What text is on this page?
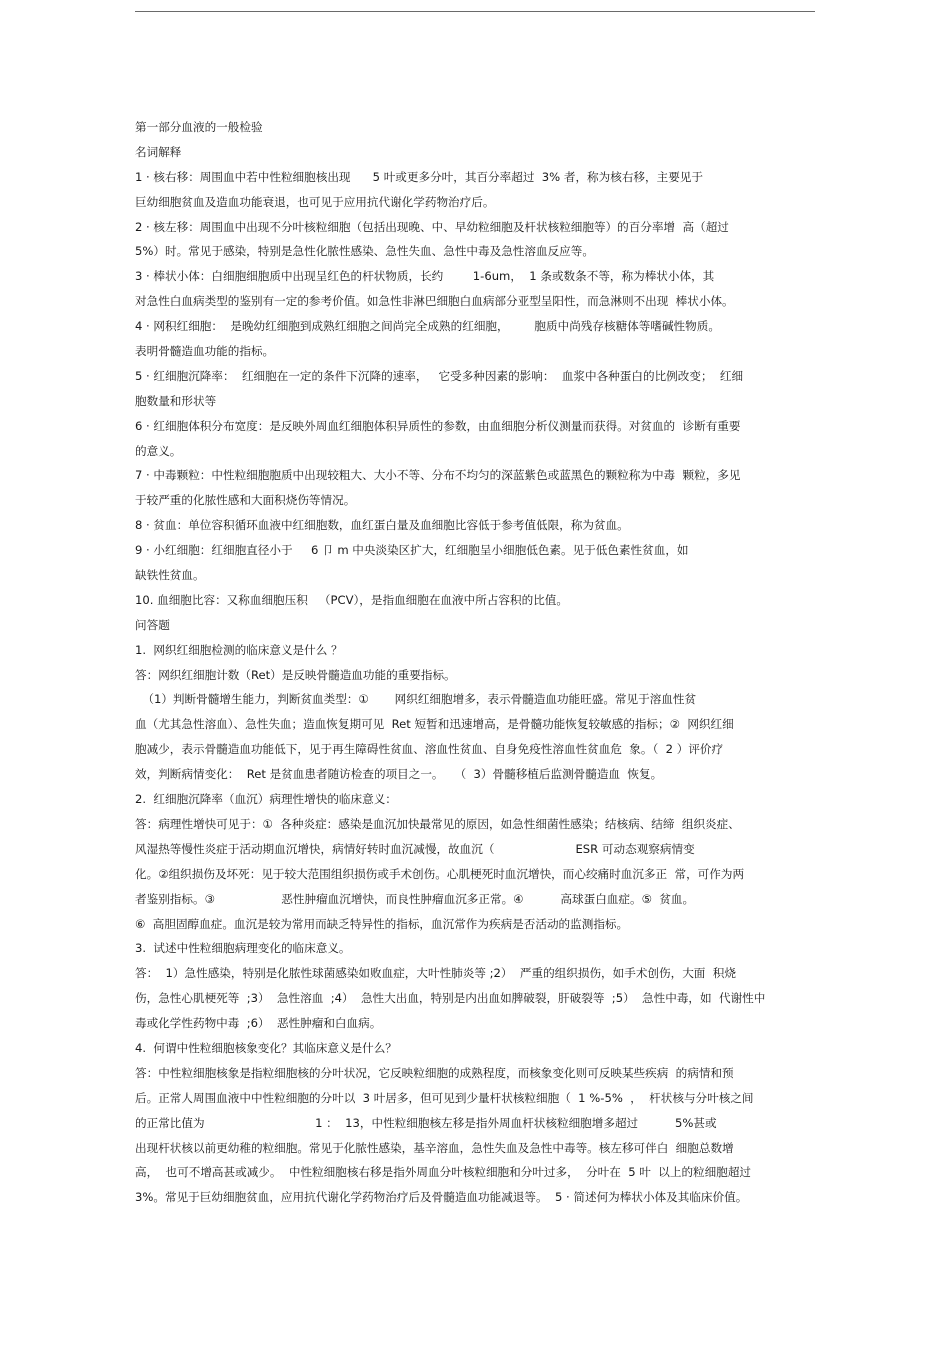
第一部分血液的一般检验
名词解释
1 · 核右移：周围血中若中性粒细胞核出现      5 叶或更多分叶，其百分率超过  3% 者，称为核右移，主要见于
巨幼细胞贫血及造血功能衰退，也可见于应用抗代谢化学药物治疗后。
2 · 核左移：周围血中出现不分叶核粒细胞（包括出现晚、中、早幼粒细胞及杆状核粒细胞等）的百分率增  高（超过
5%）时。常见于感染，特别是急性化脓性感染、急性失血、急性中毒及急性溶血反应等。
3 · 棒状小体：白细胞细胞质中出现呈红色的杆状物质，长约        1-6um，  1 条或数条不等，称为棒状小体，其
对急性白血病类型的鉴别有一定的参考价值。如急性非淋巴细胞白血病部分亚型呈阳性，而急淋则不出现  棒状小体。
4 · 网积红细胞：  是晚幼红细胞到成熟红细胞之间尚完全成熟的红细胞，       胞质中尚残存核糖体等嗜碱性物质。
表明骨髓造血功能的指标。
5 · 红细胞沉降率：  红细胞在一定的条件下沉降的速率，   它受多种因素的影响：  血浆中各种蛋白的比例改变；  红细
胞数量和形状等
6 · 红细胞体积分布宽度：是反映外周血红细胞体积异质性的参数，由血细胞分析仪测量而获得。对贫血的  诊断有重要
的意义。
7 · 中毒颗粒：中性粒细胞胞质中出现较粗大、大小不等、分布不均匀的深蓝紫色或蓝黑色的颗粒称为中毒  颗粒，多见
于较严重的化脓性感和大面积烧伤等情况。
8 · 贫血：单位容积循环血液中红细胞数，血红蛋白量及血细胞比容低于参考值低限，称为贫血。
9 · 小红细胞：红细胞直径小于     6 卩 m 中央淡染区扩大，红细胞呈小细胞低色素。见于低色素性贫血，如
缺铁性贫血。
10. 血细胞比容：又称血细胞压积   （PCV），是指血细胞在血液中所占容积的比值。
问答题
1.  网织红细胞检测的临床意义是什么 ？
答：网织红细胞计数（Ret）是反映骨髓造血功能的重要指标。
（1）判断骨髓增生能力，判断贫血类型：①       网织红细胞增多，表示骨髓造血功能旺盛。常见于溶血性贫
血（尤其急性溶血）、急性失血；造血恢复期可见  Ret 短暂和迅速增高，是骨髓功能恢复较敏感的指标；②  网织红细
胞减少，表示骨髓造血功能低下，见于再生障碍性贫血、溶血性贫血、自身免疫性溶血性贫血危  象。（  2 ）评价疗
效，判断病情变化：  Ret 是贫血患者随访检查的项目之一。   （  3）骨髓移植后监测骨髓造血  恢复。
2.  红细胞沉降率（血沉）病理性增快的临床意义：
答：病理性增快可见于：①  各种炎症：感染是血沉加快最常见的原因，如急性细菌性感染；结核病、结缔  组织炎症、
风湿热等慢性炎症于活动期血沉增快，病情好转时血沉减慢，故血沉（                      ESR 可动态观察病情变
化。②组织损伤及坏死：见于较大范围组织损伤或手术创伤。心肌梗死时血沉增快，而心绞痛时血沉多正  常，可作为两
者鉴别指标。③                  恶性肿瘤血沉增快，而良性肿瘤血沉多正常。④          高球蛋白血症。⑤  贫血。
⑥  高胆固醇血症。血沉是较为常用而缺乏特异性的指标，血沉常作为疾病是否活动的监测指标。
3.  试述中性粒细胞病理变化的临床意义。
答：  1）急性感染，特别是化脓性球菌感染如败血症，大叶性肺炎等 ;2）  严重的组织损伤，如手术创伤，大面  积烧
伤，急性心肌梗死等  ;3）  急性溶血  ;4）  急性大出血，特别是内出血如脾破裂，肝破裂等  ;5）  急性中毒，如  代谢性中
毒或化学性药物中毒  ;6）  恶性肿瘤和白血病。
4.  何谓中性粒细胞核象变化？其临床意义是什么？
答：中性粒细胞核象是指粒细胞核的分叶状况，它反映粒细胞的成熟程度，而核象变化则可反映某些疾病  的病情和预
后。正常人周围血液中中性粒细胞的分叶以  3 叶居多，但可见到少量杆状核粒细胞（  1 %-5%  ，  杆状核与分叶核之间
的正常比值为                              1 ：  13，中性粒细胞核左移是指外周血杆状核粒细胞增多超过          5%甚或
出现杆状核以前更幼稚的粒细胞。常见于化脓性感染，基辛溶血，急性失血及急性中毒等。核左移可伴白  细胞总数增
高，  也可不增高甚或减少。  中性粒细胞核右移是指外周血分叶核粒细胞和分叶过多，  分叶在  5 叶  以上的粒细胞超过
3%。常见于巨幼细胞贫血，应用抗代谢化学药物治疗后及骨髓造血功能减退等。  5 · 简述何为棒状小体及其临床价值。
